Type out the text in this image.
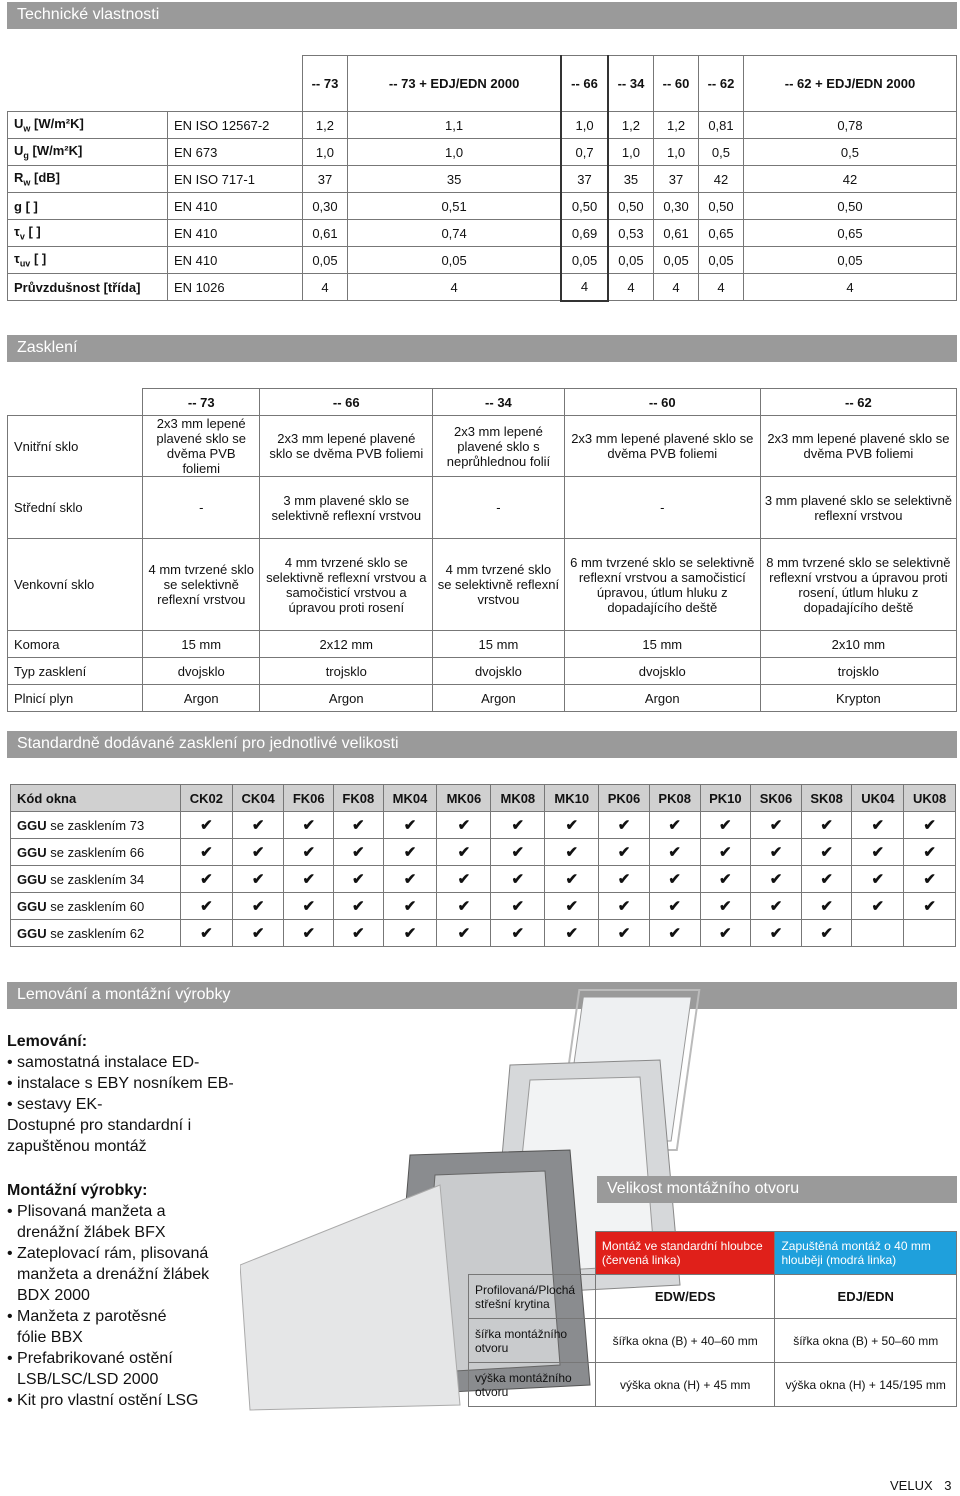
Technické vlastnosti
		-- 73	-- 73 + EDJ/EDN 2000	-- 66	-- 34	-- 60	-- 62	-- 62 + EDJ/EDN 2000
$U_w$ [W/m²K]	EN ISO 12567-2	1,2	1,1	1,0	1,2	1,2	0,81	0,78
$U_g$ [W/m²K]	EN 673	1,0	1,0	0,7	1,0	1,0	0,5	0,5
$R_w$ [dB]	EN ISO 717-1	37	35	37	35	37	42	42
g [ ]	EN 410	0,30	0,51	0,50	0,50	0,30	0,50	0,50
$\tau_v$ [ ]	EN 410	0,61	0,74	0,69	0,53	0,61	0,65	0,65
$\tau_{uv}$ [ ]	EN 410	0,05	0,05	0,05	0,05	0,05	0,05	0,05
Průvzdušnost [třída]	EN 1026	4	4	4	4	4	4	4
Zasklení
	-- 73	-- 66	-- 34	-- 60	-- 62
Vnitřní sklo	2x3 mm lepené plavené sklo se dvěma PVB foliemi	2x3 mm lepené plavené sklo se dvěma PVB foliemi	2x3 mm lepené plavené sklo s neprůhlednou folií	2x3 mm lepené plavené sklo se dvěma PVB foliemi	2x3 mm lepené plavené sklo se dvěma PVB foliemi
Střední sklo	-	3 mm plavené sklo se selektivně reflexní vrstvou	-	-	3 mm plavené sklo se selektivně reflexní vrstvou
Venkovní sklo	4 mm tvrzené sklo se selektivně reflexní vrstvou	4 mm tvrzené sklo se selektivně reflexní vrstvou a samočisticí vrstvou a úpravou proti rosení	4 mm tvrzené sklo se selektivně reflexní vrstvou	6 mm tvrzené sklo se selektivně reflexní vrstvou a samočisticí úpravou, útlum hluku z dopadajícího deště	8 mm tvrzené sklo se selektivně reflexní vrstvou a úpravou proti rosení, útlum hluku z dopadajícího deště
Komora	15 mm	2x12 mm	15 mm	15 mm	2x10 mm
Typ zasklení	dvojsklo	trojsklo	dvojsklo	dvojsklo	trojsklo
Plnicí plyn	Argon	Argon	Argon	Argon	Krypton
Standardně dodávané zasklení pro jednotlivé velikosti
Kód okna	CK02	CK04	FK06	FK08	MK04	MK06	MK08	MK10	PK06	PK08	PK10	SK06	SK08	UK04	UK08
GGU se zasklením 73	✔	✔	✔	✔	✔	✔	✔	✔	✔	✔	✔	✔	✔	✔	✔
GGU se zasklením 66	✔	✔	✔	✔	✔	✔	✔	✔	✔	✔	✔	✔	✔	✔	✔
GGU se zasklením 34	✔	✔	✔	✔	✔	✔	✔	✔	✔	✔	✔	✔	✔	✔	✔
GGU se zasklením 60	✔	✔	✔	✔	✔	✔	✔	✔	✔	✔	✔	✔	✔	✔	✔
GGU se zasklením 62	✔	✔	✔	✔	✔	✔	✔	✔	✔	✔	✔	✔	✔		
Lemování a montážní výrobky
Lemování:
• samostatná instalace ED-
• instalace s EBY nosníkem EB-
• sestavy EK-
Dostupné pro standardní i zapuštěnou montáž
Montážní výrobky:
• Plisovaná manžeta a drenážní žlábek BFX
• Zateplovací rám, plisovaná manžeta a drenážní žlábek BDX 2000
• Manžeta z parotěsné fólie BBX
• Prefabrikované ostění LSB/LSC/LSD 2000
• Kit pro vlastní ostění LSG
Velikost montážního otvoru
	Montáž ve standardní hloubce (červená linka)	Zapuštěná montáž o 40 mm hlouběji (modrá linka)
Profilovaná/Plochá střešní krytina	EDW/EDS	EDJ/EDN
šířka montážního otvoru	šířka okna (B) + 40–60 mm	šířka okna (B) + 50–60 mm
výška montážního otvoru	výška okna (H) + 45 mm	výška okna (H) + 145/195 mm
VELUX 3
